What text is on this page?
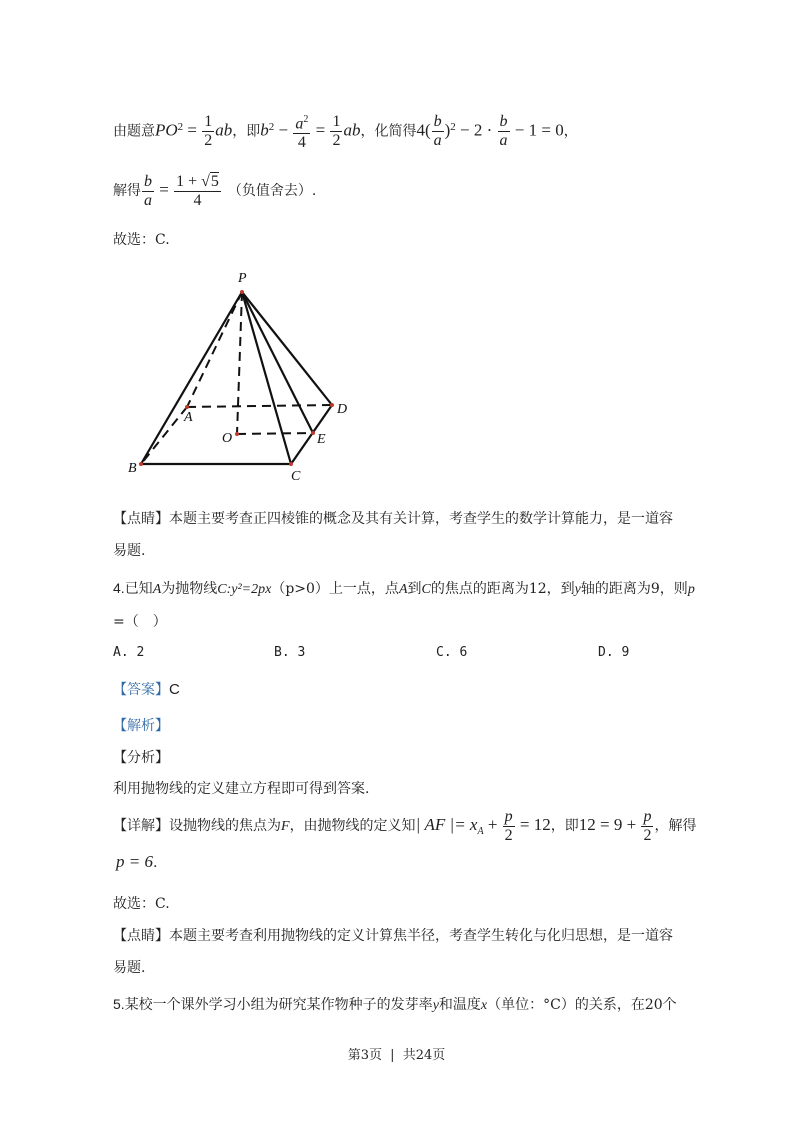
由题意$PO^2 = \frac{1}{2}$ ab，即$b^2 - \frac{a^2}{4} = \frac{1}{2}$ ab，化简得$4( \frac{b}{a} )^2 - 2 \cdot \frac{b}{a} - 1 = 0$，
解得 $\frac{b}{a} = \frac{1 + √5}{4}$ （负值舍去）.
故选：C.
P
A
D
O	E
B
C
【点睛】本题主要考查正四棱锥的概念及其有关计算，考查学生的数学计算能力，是一道容
易题.
4.已知A为抛物线C:y²=2px（p>0）上一点，点A到C的焦点的距离为12，到y轴的距离为9，则p
=（　）
A. 2	B. 3	C. 6	D. 9
【答案】C
【解析】
【分析】
利用抛物线的定义建立方程即可得到答案.
【详解】设抛物线的焦点为F，由抛物线的定义知| AF |= $x_A + \frac{p}{2} = 12$，即$12 = 9 + \frac{p}{2}$ ，解得
p = 6.
故选：C.
【点睛】本题主要考查利用抛物线的定义计算焦半径，考查学生转化与化归思想，是一道容
易题.
5.某校一个课外学习小组为研究某作物种子的发芽率y和温度x（单位：°C）的关系，在20个
第3页 | 共24页
